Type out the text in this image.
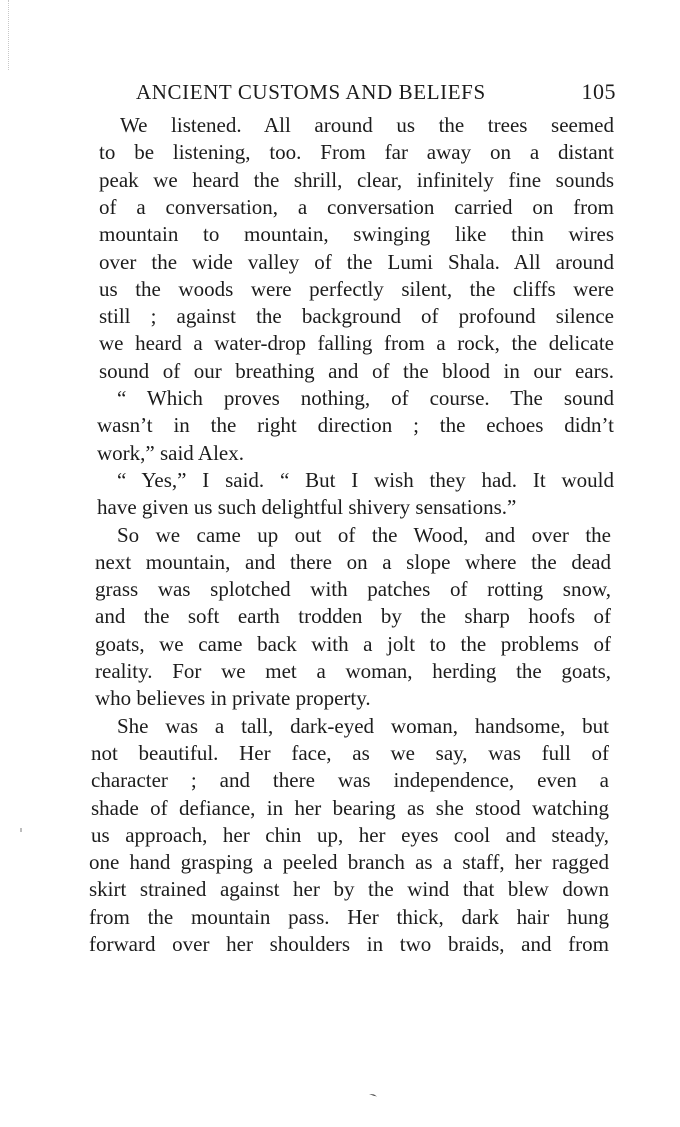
ANCIENT CUSTOMS AND BELIEFS	105
We listened. All around us the trees seemed
to be listening, too. From far away on a distant
peak we heard the shrill, clear, infinitely fine sounds
of a conversation, a conversation carried on from
mountain to mountain, swinging like thin wires
over the wide valley of the Lumi Shala. All around
us the woods were perfectly silent, the cliffs were
still ; against the background of profound silence
we heard a water-drop falling from a rock, the delicate
sound of our breathing and of the blood in our ears.
“ Which proves nothing, of course. The sound
wasn’t in the right direction ; the echoes didn’t
work,” said Alex.
“ Yes,” I said. “ But I wish they had. It would
have given us such delightful shivery sensations.”
So we came up out of the Wood, and over the
next mountain, and there on a slope where the dead
grass was splotched with patches of rotting snow,
and the soft earth trodden by the sharp hoofs of
goats, we came back with a jolt to the problems of
reality. For we met a woman, herding the goats,
who believes in private property.
She was a tall, dark-eyed woman, handsome, but
not beautiful. Her face, as we say, was full of
character ; and there was independence, even a
shade of defiance, in her bearing as she stood watching
us approach, her chin up, her eyes cool and steady,
one hand grasping a peeled branch as a staff, her ragged
skirt strained against her by the wind that blew down
from the mountain pass. Her thick, dark hair hung
forward over her shoulders in two braids, and from
